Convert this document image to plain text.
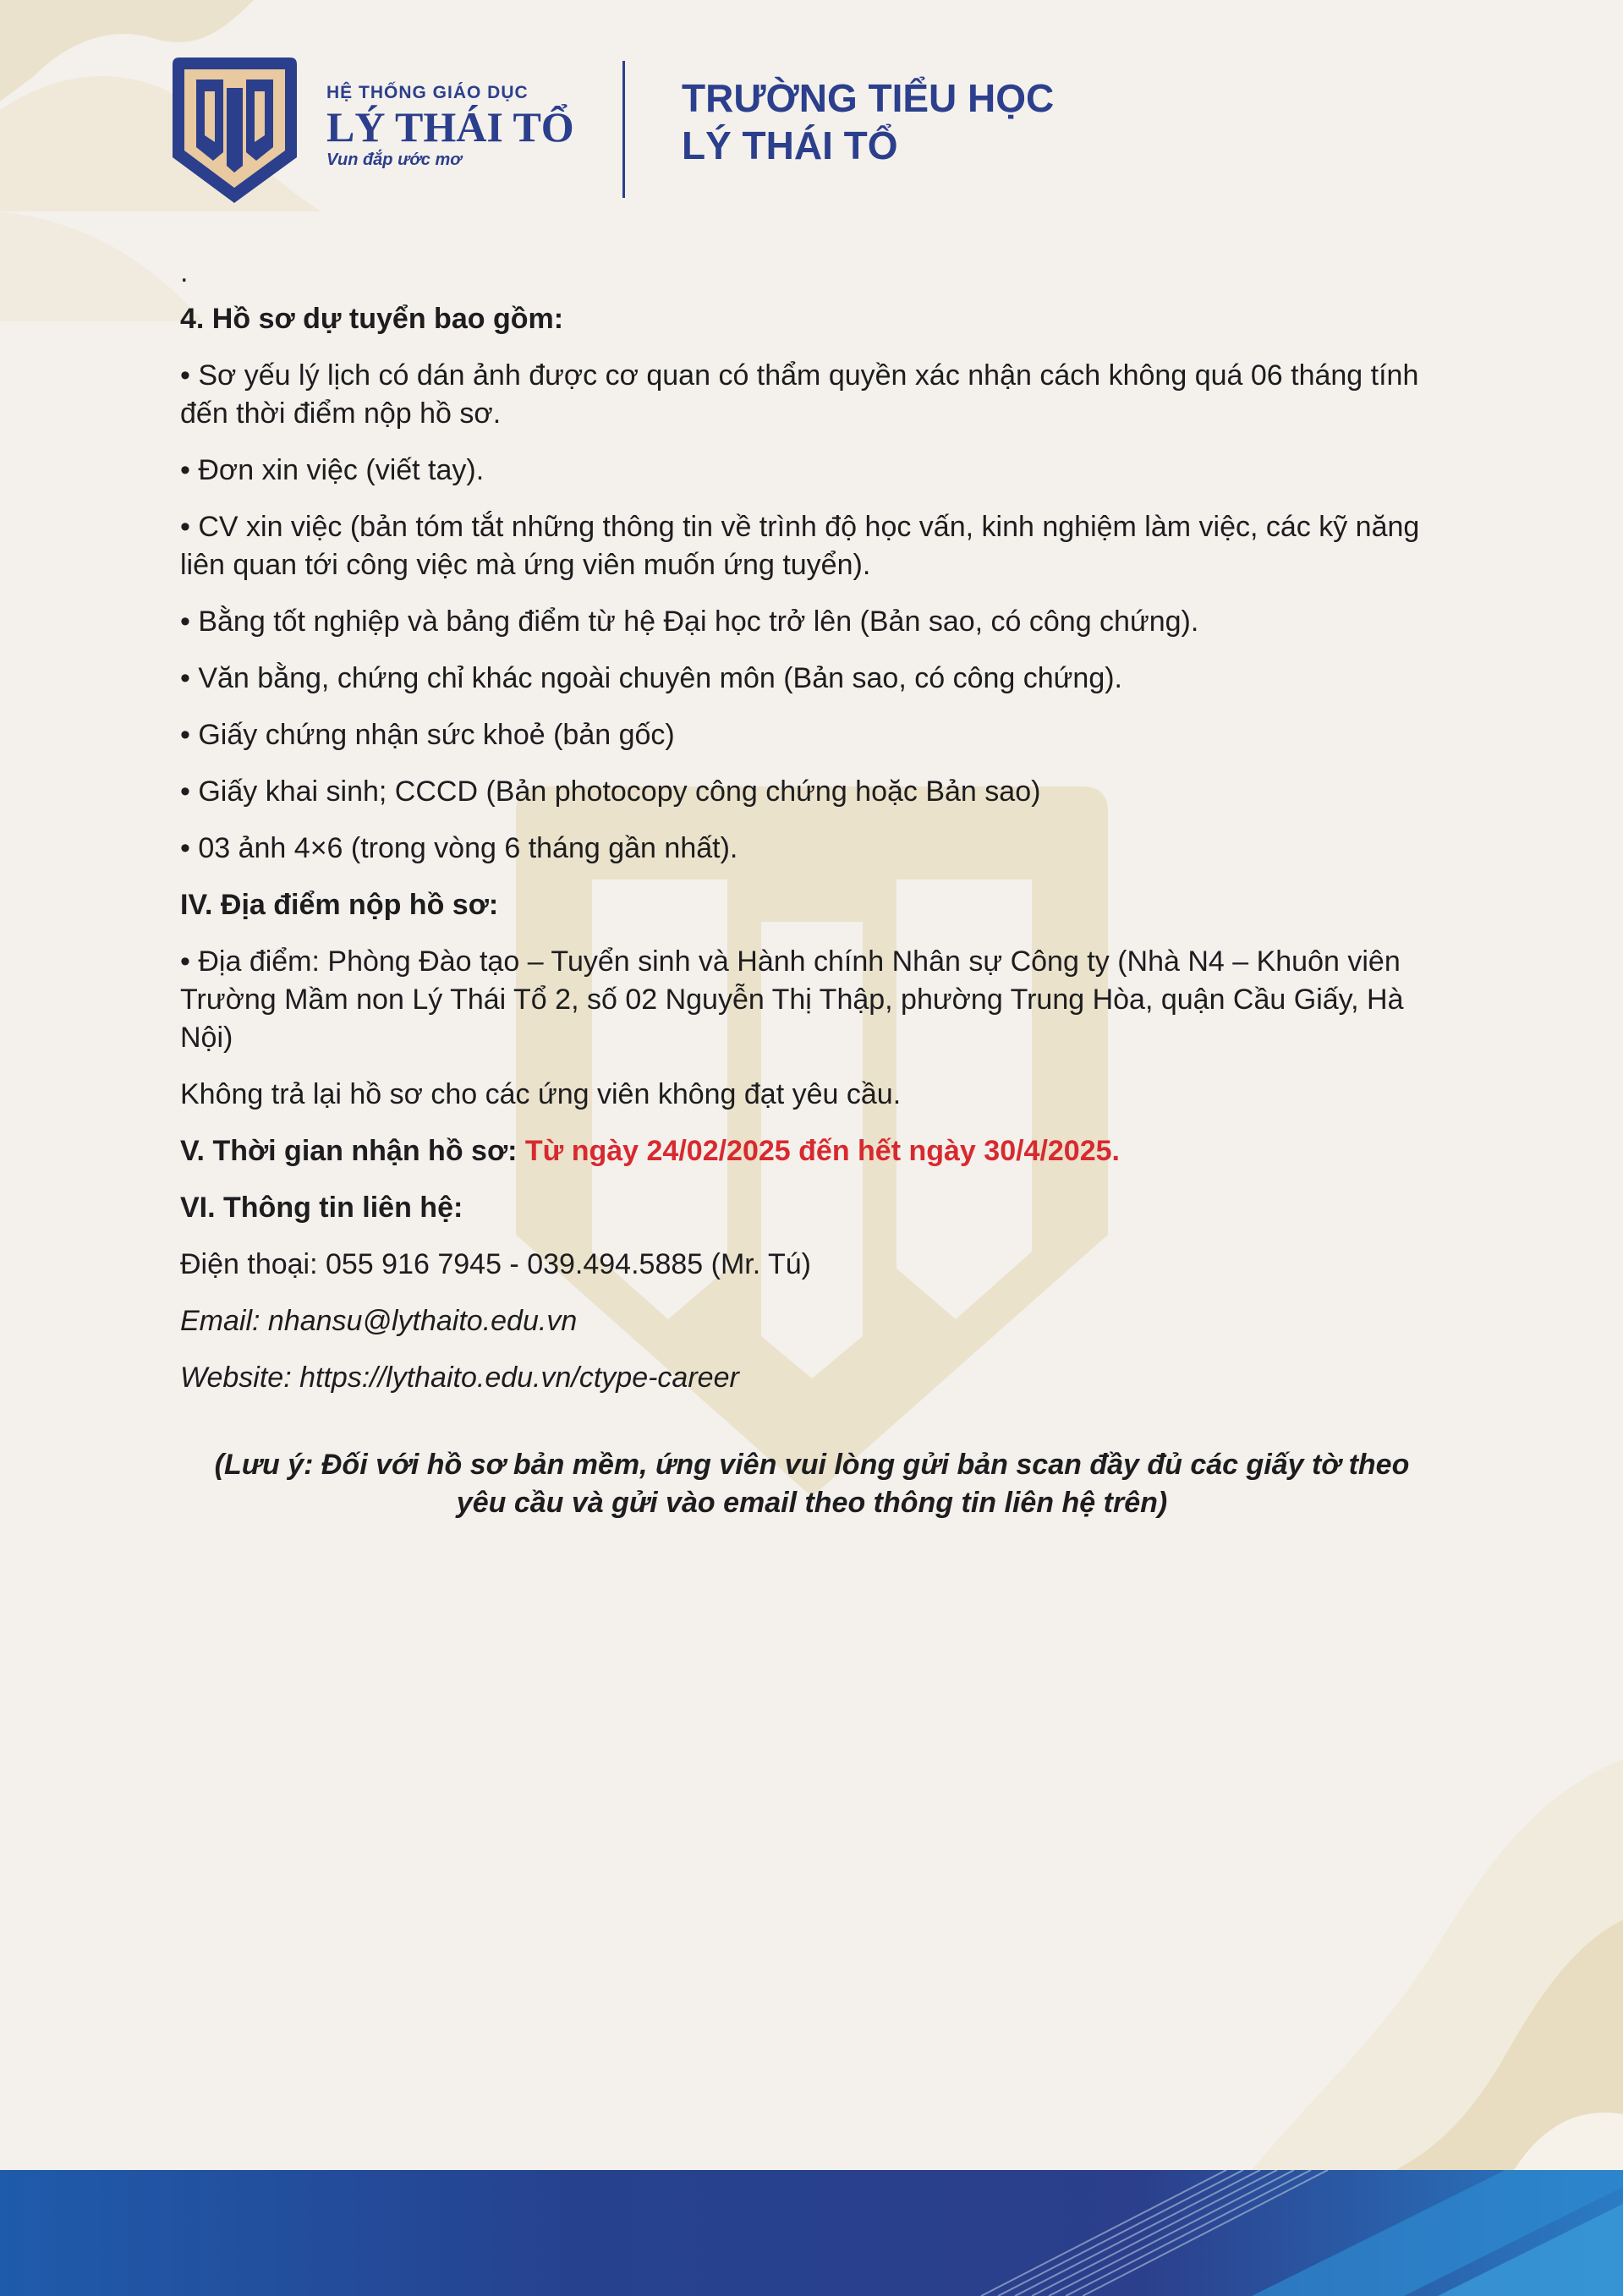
HỆ THỐNG GIÁO DỤC
LÝ THÁI TỔ
Vun đắp ước mơ
TRƯỜNG TIỂU HỌC
LÝ THÁI TỔ

.

4. Hồ sơ dự tuyển bao gồm:

• Sơ yếu lý lịch có dán ảnh được cơ quan có thẩm quyền xác nhận cách không quá 06 tháng tính đến thời điểm nộp hồ sơ.

• Đơn xin việc (viết tay).

• CV xin việc (bản tóm tắt những thông tin về trình độ học vấn, kinh nghiệm làm việc, các kỹ năng liên quan tới công việc mà ứng viên muốn ứng tuyển).

• Bằng tốt nghiệp và bảng điểm từ hệ Đại học trở lên (Bản sao, có công chứng).

• Văn bằng, chứng chỉ khác ngoài chuyên môn (Bản sao, có công chứng).

• Giấy chứng nhận sức khoẻ (bản gốc)

• Giấy khai sinh; CCCD (Bản photocopy công chứng hoặc Bản sao)

• 03 ảnh 4×6 (trong vòng 6 tháng gần nhất).

IV. Địa điểm nộp hồ sơ:

• Địa điểm: Phòng Đào tạo – Tuyển sinh và Hành chính Nhân sự Công ty (Nhà N4 – Khuôn viên Trường Mầm non Lý Thái Tổ 2, số 02 Nguyễn Thị Thập, phường Trung Hòa, quận Cầu Giấy, Hà Nội)

Không trả lại hồ sơ cho các ứng viên không đạt yêu cầu.

V. Thời gian nhận hồ sơ: Từ ngày 24/02/2025 đến hết ngày 30/4/2025.

VI. Thông tin liên hệ:

Điện thoại: 055 916 7945 - 039.494.5885 (Mr. Tú)

Email: nhansu@lythaito.edu.vn

Website: https://lythaito.edu.vn/ctype-career

(Lưu ý: Đối với hồ sơ bản mềm, ứng viên vui lòng gửi bản scan đầy đủ các giấy tờ theo
yêu cầu và gửi vào email theo thông tin liên hệ trên)
